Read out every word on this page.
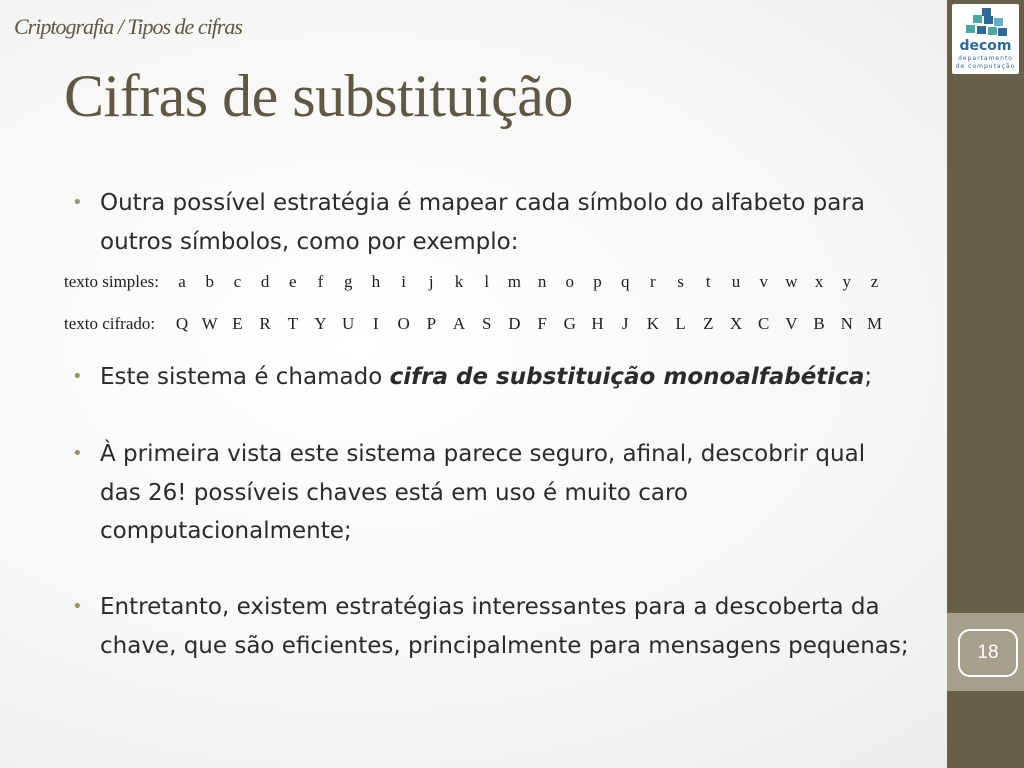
Criptografia / Tipos de cifras
Cifras de substituição
decom
departamento
de computação
18
• Outra possível estratégia é mapear cada símbolo do alfabeto para outros símbolos, como por exemplo:
• Este sistema é chamado cifra de substituição monoalfabética;
• À primeira vista este sistema parece seguro, afinal, descobrir qual das 26! possíveis chaves está em uso é muito caro computacionalmente;
• Entretanto, existem estratégias interessantes para a descoberta da chave, que são eficientes, principalmente para mensagens pequenas;
texto simples:	a	b	c	d	e	f	g	h	i	j	k	l	m n	o	p	q	r	s	t	u	v	w	x	y	z
texto cifrado: Q W E R T Y U	I	O P A S D F G H	J	K L Z X C V B N M
